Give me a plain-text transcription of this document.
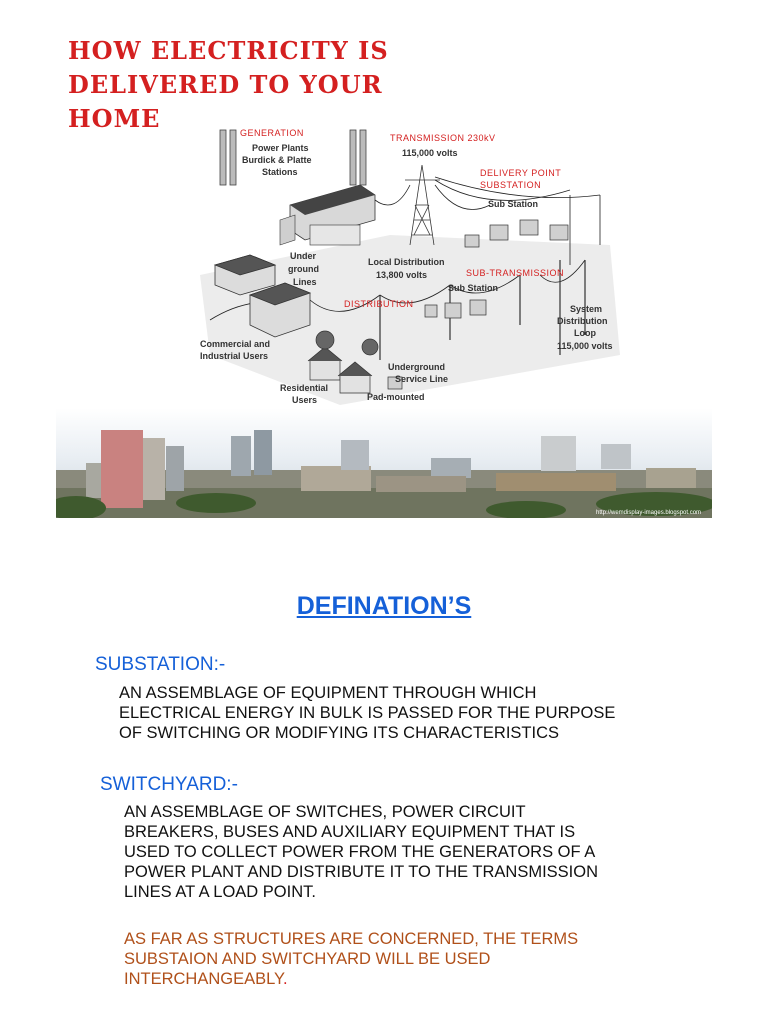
HOW ELECTRICITY IS
DELIVERED TO YOUR
HOME	GENERATION
Power Plants
Burdick & Platte
Stations
TRANSMISSION 230kV
115,000 volts
DELIVERY POINT
SUBSTATION
Sub Station
Under
ground
Lines
Local Distribution
13,800 volts	SUB-TRANSMISSION
Sub Station
DISTRIBUTION	System
Distribution
Loop
115,000 volts
Commercial and
Industrial Users
Underground
Service Line
Residential
Users	Pad-mounted
http://wemdisplay-images.blogspot.com
DEFINATION’S
SUBSTATION:-
AN ASSEMBLAGE OF EQUIPMENT THROUGH WHICH
ELECTRICAL ENERGY IN BULK IS PASSED FOR THE PURPOSE
OF SWITCHING OR MODIFYING ITS CHARACTERISTICS
SWITCHYARD:-
AN ASSEMBLAGE OF SWITCHES, POWER CIRCUIT
BREAKERS, BUSES AND AUXILIARY EQUIPMENT THAT IS
USED TO COLLECT POWER FROM THE GENERATORS OF A
POWER PLANT AND DISTRIBUTE IT TO THE TRANSMISSION
LINES AT A LOAD POINT.
AS FAR AS STRUCTURES ARE CONCERNED, THE TERMS
SUBSTAION AND SWITCHYARD WILL BE USED
INTERCHANGEABLY.
